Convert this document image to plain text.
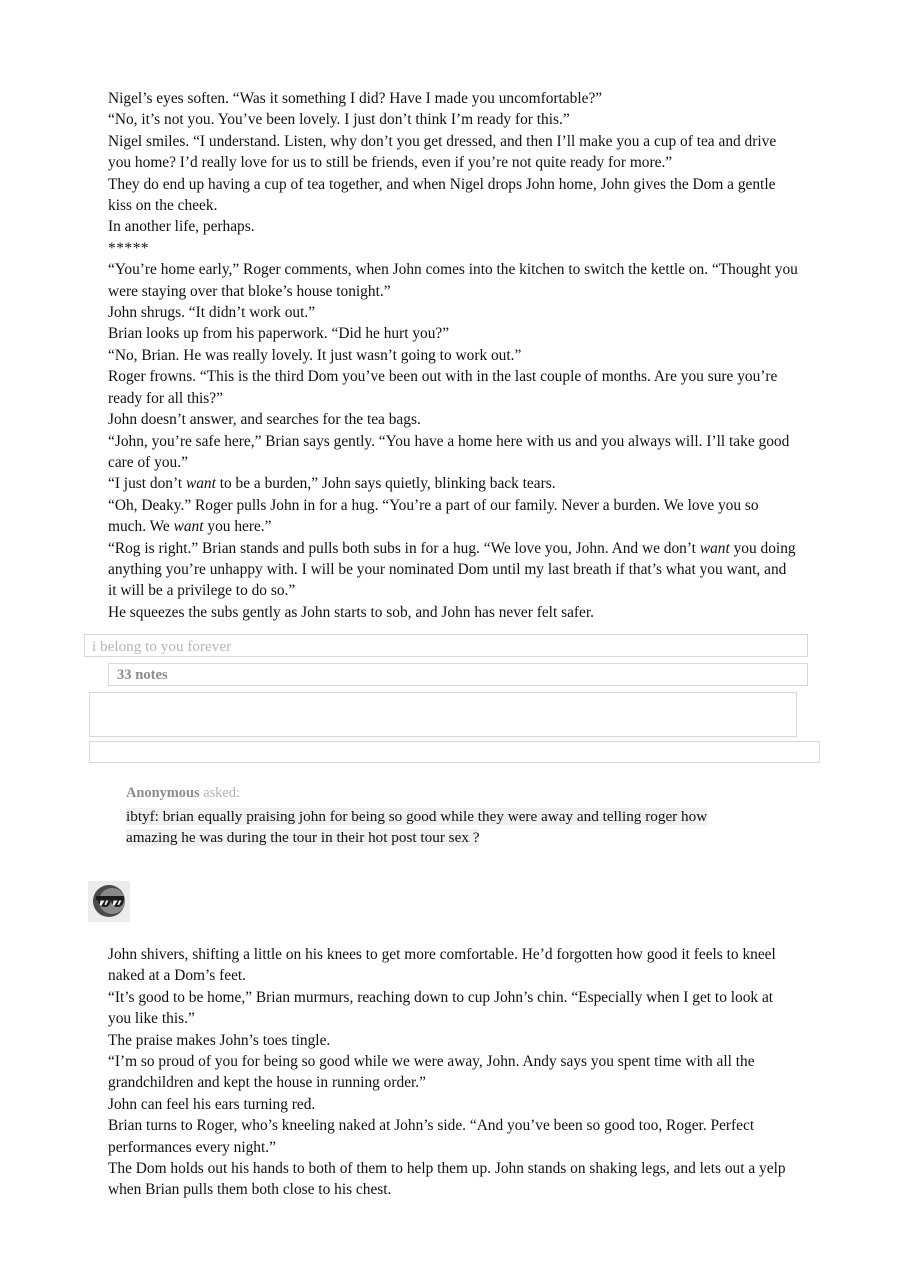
Nigel’s eyes soften. “Was it something I did? Have I made you uncomfortable?”

“No, it’s not you. You’ve been lovely. I just don’t think I’m ready for this.”

Nigel smiles. “I understand. Listen, why don’t you get dressed, and then I’ll make you a cup of tea and drive you home? I’d really love for us to still be friends, even if you’re not quite ready for more.”

They do end up having a cup of tea together, and when Nigel drops John home, John gives the Dom a gentle kiss on the cheek.

In another life, perhaps.

*****

“You’re home early,” Roger comments, when John comes into the kitchen to switch the kettle on. “Thought you were staying over that bloke’s house tonight.”

John shrugs. “It didn’t work out.”

Brian looks up from his paperwork. “Did he hurt you?”

“No, Brian. He was really lovely. It just wasn’t going to work out.”

Roger frowns. “This is the third Dom you’ve been out with in the last couple of months. Are you sure you’re ready for all this?”

John doesn’t answer, and searches for the tea bags.

“John, you’re safe here,” Brian says gently. “You have a home here with us and you always will. I’ll take good care of you.”

“I just don’t want to be a burden,” John says quietly, blinking back tears.

“Oh, Deaky.” Roger pulls John in for a hug. “You’re a part of our family. Never a burden. We love you so much. We want you here.”

“Rog is right.” Brian stands and pulls both subs in for a hug. “We love you, John. And we don’t want you doing anything you’re unhappy with. I will be your nominated Dom until my last breath if that’s what you want, and it will be a privilege to do so.”

He squeezes the subs gently as John starts to sob, and John has never felt safer.

i belong to you forever
33 notes
Anonymous asked:
ibtyf: brian equally praising john for being so good while they were away and telling roger how amazing he was during the tour in their hot post tour sex ?

John shivers, shifting a little on his knees to get more comfortable. He’d forgotten how good it feels to kneel naked at a Dom’s feet.

“It’s good to be home,” Brian murmurs, reaching down to cup John’s chin. “Especially when I get to look at you like this.”

The praise makes John’s toes tingle.

“I’m so proud of you for being so good while we were away, John. Andy says you spent time with all the grandchildren and kept the house in running order.”

John can feel his ears turning red.

Brian turns to Roger, who’s kneeling naked at John’s side. “And you’ve been so good too, Roger. Perfect performances every night.”

The Dom holds out his hands to both of them to help them up. John stands on shaking legs, and lets out a yelp when Brian pulls them both close to his chest.
